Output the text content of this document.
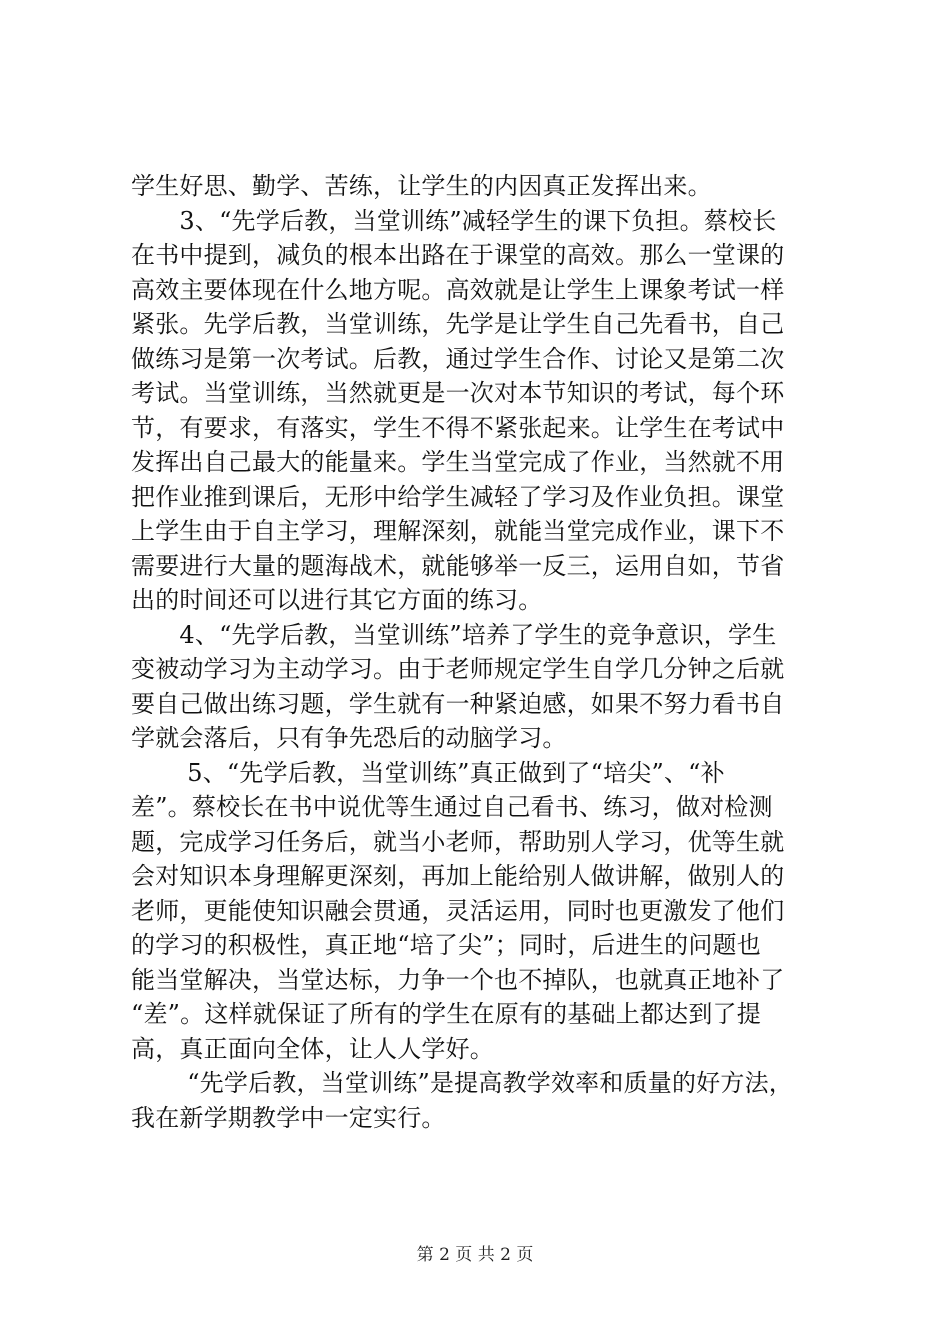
学生好思、勤学、苦练，让学生的内因真正发挥出来。

　　3、“先学后教，当堂训练”减轻学生的课下负担。蔡校长
在书中提到，减负的根本出路在于课堂的高效。那么一堂课的
高效主要体现在什么地方呢。高效就是让学生上课象考试一样
紧张。先学后教，当堂训练，先学是让学生自己先看书，自己
做练习是第一次考试。后教，通过学生合作、讨论又是第二次
考试。当堂训练，当然就更是一次对本节知识的考试，每个环
节，有要求，有落实，学生不得不紧张起来。让学生在考试中
发挥出自己最大的能量来。学生当堂完成了作业，当然就不用
把作业推到课后，无形中给学生减轻了学习及作业负担。课堂
上学生由于自主学习，理解深刻，就能当堂完成作业，课下不
需要进行大量的题海战术，就能够举一反三，运用自如，节省
出的时间还可以进行其它方面的练习。

　　4、“先学后教，当堂训练”培养了学生的竞争意识，学生
变被动学习为主动学习。由于老师规定学生自学几分钟之后就
要自己做出练习题，学生就有一种紧迫感，如果不努力看书自
学就会落后，只有争先恐后的动脑学习。

　　 5、“先学后教，当堂训练”真正做到了“培尖”、“补
差”。蔡校长在书中说优等生通过自己看书、练习，做对检测
题，完成学习任务后，就当小老师，帮助别人学习，优等生就
会对知识本身理解更深刻，再加上能给别人做讲解，做别人的
老师，更能使知识融会贯通，灵活运用，同时也更激发了他们
的学习的积极性，真正地“培了尖”；同时，后进生的问题也
能当堂解决，当堂达标，力争一个也不掉队，也就真正地补了
“差”。这样就保证了所有的学生在原有的基础上都达到了提
高，真正面向全体，让人人学好。

　　 “先学后教，当堂训练”是提高教学效率和质量的好方法，
我在新学期教学中一定实行。

第 2 页 共 2 页
